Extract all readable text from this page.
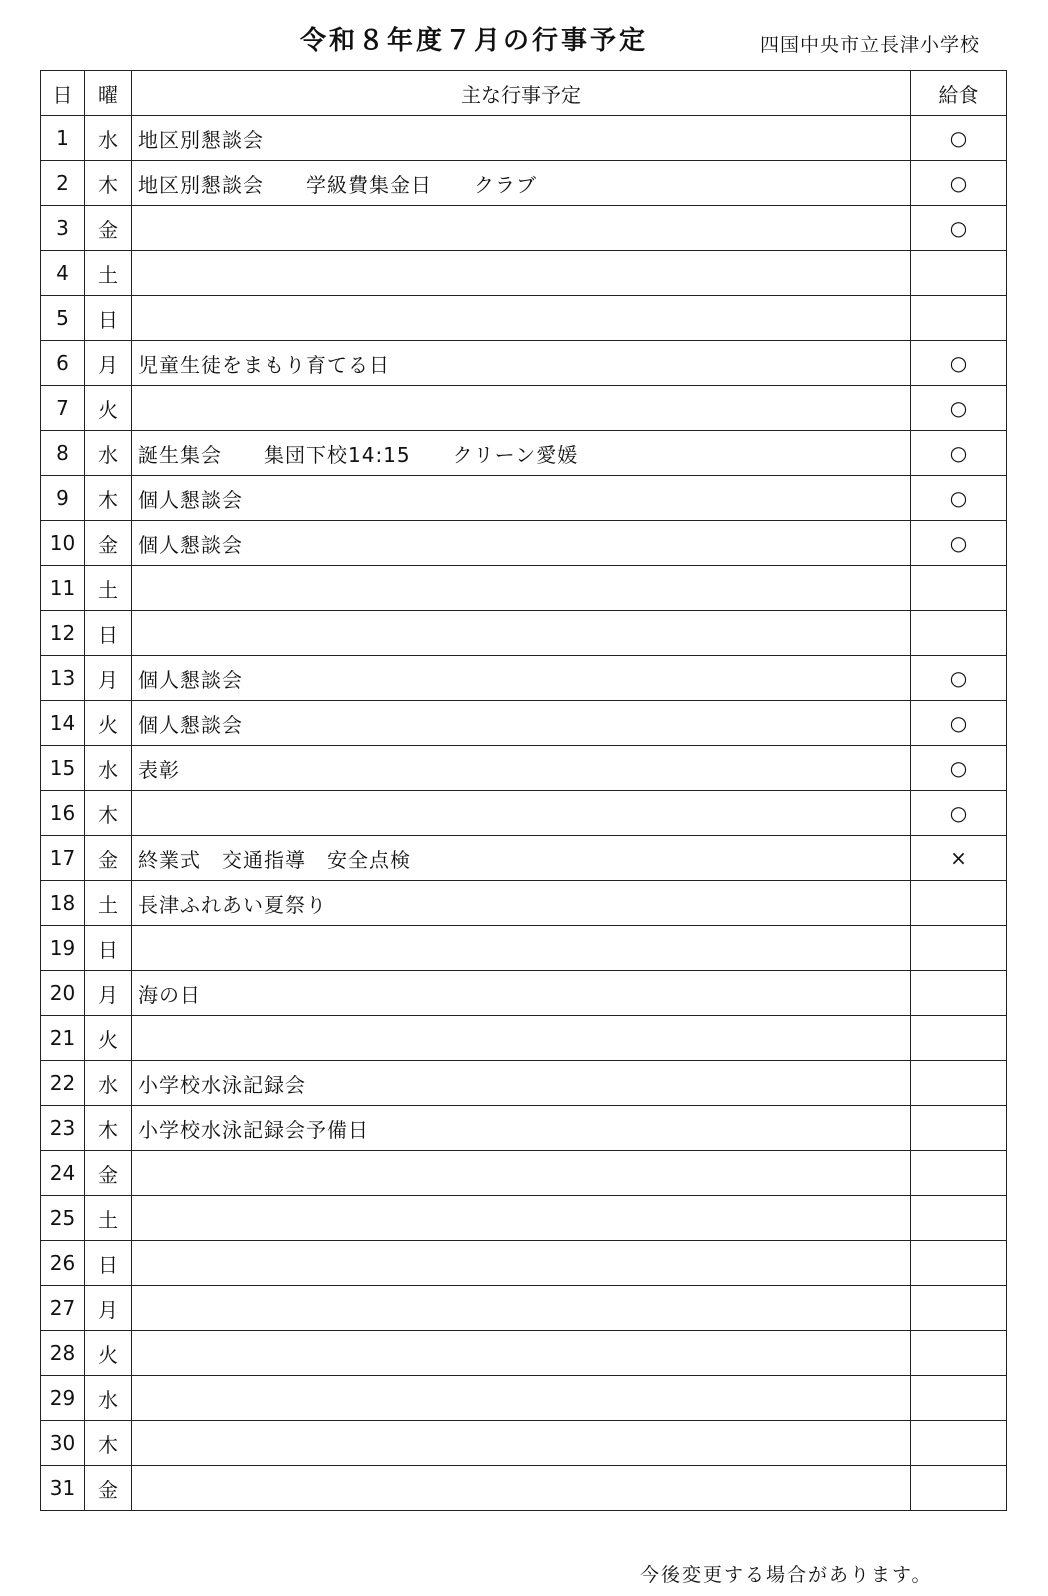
令和８年度７月の行事予定	四国中央市立長津小学校
日	曜	主な行事予定	給食
1	水	地区別懇談会	○
2	木	地区別懇談会　　学級費集金日　　クラブ	○
3	金		○
4	土		
5	日		
6	月	児童生徒をまもり育てる日	○
7	火		○
8	水	誕生集会　　集団下校14:15　　クリーン愛媛	○
9	木	個人懇談会	○
10	金	個人懇談会	○
11	土		
12	日		
13	月	個人懇談会	○
14	火	個人懇談会	○
15	水	表彰	○
16	木		○
17	金	終業式　交通指導　安全点検	×
18	土	長津ふれあい夏祭り	
19	日		
20	月	海の日	
21	火		
22	水	小学校水泳記録会	
23	木	小学校水泳記録会予備日	
24	金		
25	土		
26	日		
27	月		
28	火		
29	水		
30	木		
31	金		
今後変更する場合があります。
